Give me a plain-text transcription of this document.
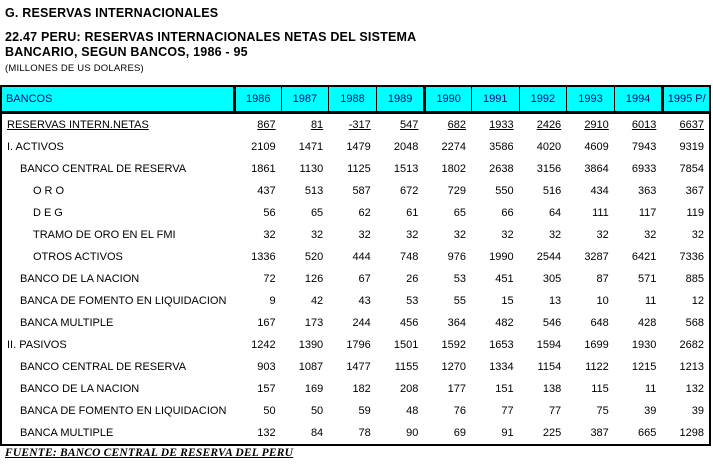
G. RESERVAS INTERNACIONALES
22.47 PERU: RESERVAS INTERNACIONALES NETAS DEL SISTEMA
BANCARIO, SEGUN BANCOS, 1986 - 95
(MILLONES DE US DOLARES)
BANCOS	1986	1987	1988	1989	1990	1991	1992	1993	1994	1995 P/
RESERVAS INTERN.NETAS	867	81	-317	547	682	1933	2426	2910	6013	6637
I. ACTIVOS	2109	1471	1479	2048	2274	3586	4020	4609	7943	9319
BANCO CENTRAL DE RESERVA	1861	1130	1125	1513	1802	2638	3156	3864	6933	7854
ORO	437	513	587	672	729	550	516	434	363	367
DEG	56	65	62	61	65	66	64	111	117	119
TRAMO DE ORO EN EL FMI	32	32	32	32	32	32	32	32	32	32
OTROS ACTIVOS	1336	520	444	748	976	1990	2544	3287	6421	7336
BANCO DE LA NACION	72	126	67	26	53	451	305	87	571	885
BANCA DE FOMENTO EN LIQUIDACION	9	42	43	53	55	15	13	10	11	12
BANCA MULTIPLE	167	173	244	456	364	482	546	648	428	568
II. PASIVOS	1242	1390	1796	1501	1592	1653	1594	1699	1930	2682
BANCO CENTRAL DE RESERVA	903	1087	1477	1155	1270	1334	1154	1122	1215	1213
BANCO DE LA NACION	157	169	182	208	177	151	138	115	11	132
BANCA DE FOMENTO EN LIQUIDACION	50	50	59	48	76	77	77	75	39	39
BANCA MULTIPLE	132	84	78	90	69	91	225	387	665	1298
FUENTE: BANCO CENTRAL DE RESERVA DEL PERU
